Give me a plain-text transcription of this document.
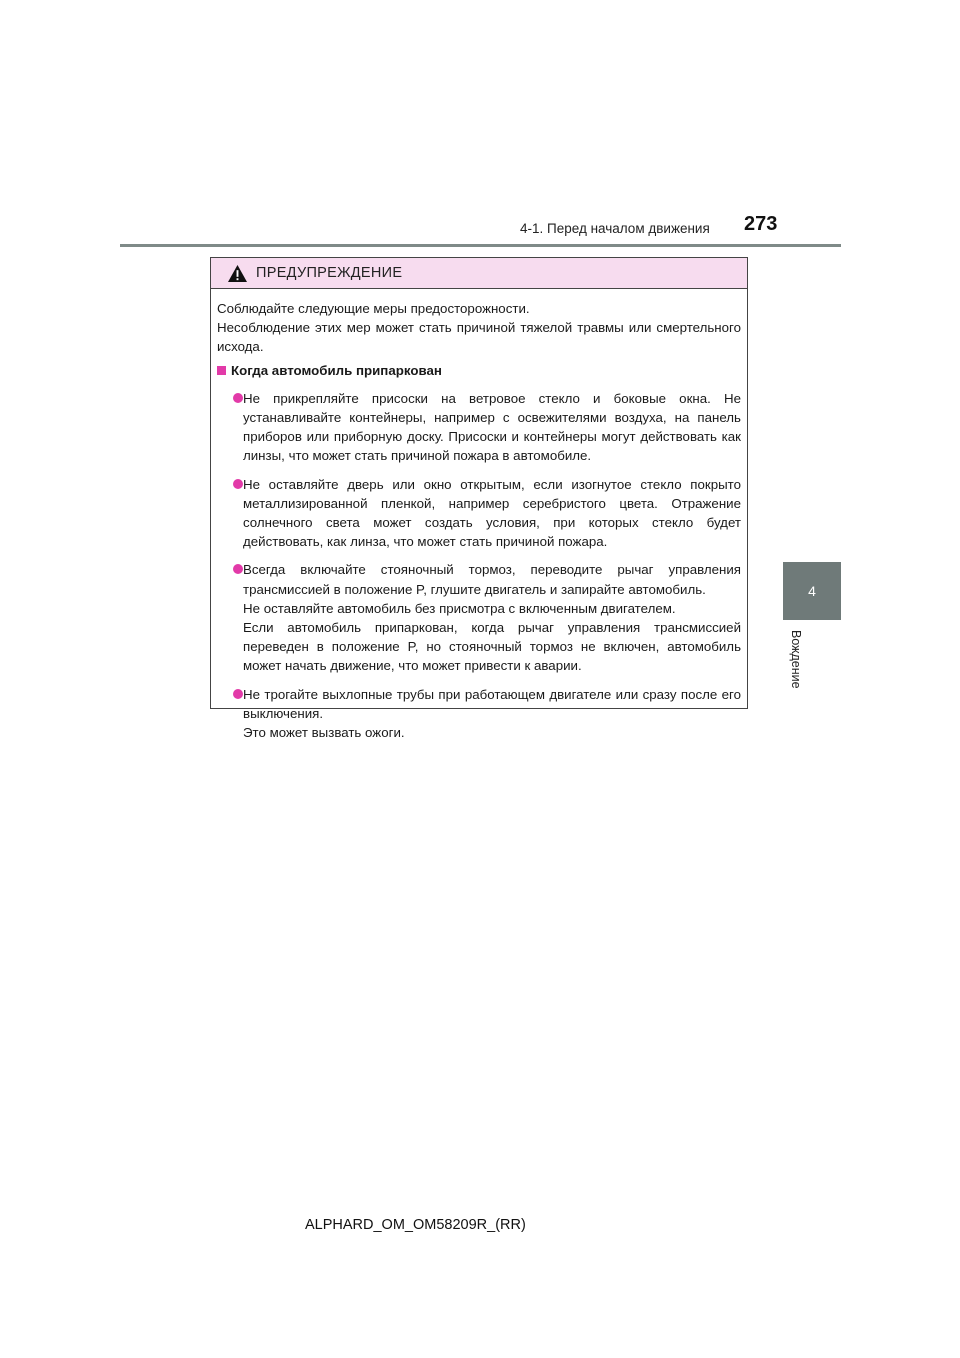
4-1. Перед началом движения 273
4
Вождение
ПРЕДУПРЕЖДЕНИЕ

Соблюдайте следующие меры предосторожности.

Несоблюдение этих мер может стать причиной тяжелой травмы или смертельного исхода.

Когда автомобиль припаркован
Не прикрепляйте присоски на ветровое стекло и боковые окна. Не устанавливайте контейнеры, например с освежителями воздуха, на панель приборов или приборную доску. Присоски и контейнеры могут действовать как линзы, что может стать причиной пожара в автомобиле.
Не оставляйте дверь или окно открытым, если изогнутое стекло покрыто металлизированной пленкой, например серебристого цвета. Отражение солнечного света может создать условия, при которых стекло будет действовать, как линза, что может стать причиной пожара.
Всегда включайте стояночный тормоз, переводите рычаг управления трансмиссией в положение P, глушите двигатель и запирайте автомобиль.
Не оставляйте автомобиль без присмотра с включенным двигателем.
Если автомобиль припаркован, когда рычаг управления трансмиссией переведен в положение P, но стояночный тормоз не включен, автомобиль может начать движение, что может привести к аварии.
Не трогайте выхлопные трубы при работающем двигателе или сразу после его выключения.
Это может вызвать ожоги.
ALPHARD_OM_OM58209R_(RR)
